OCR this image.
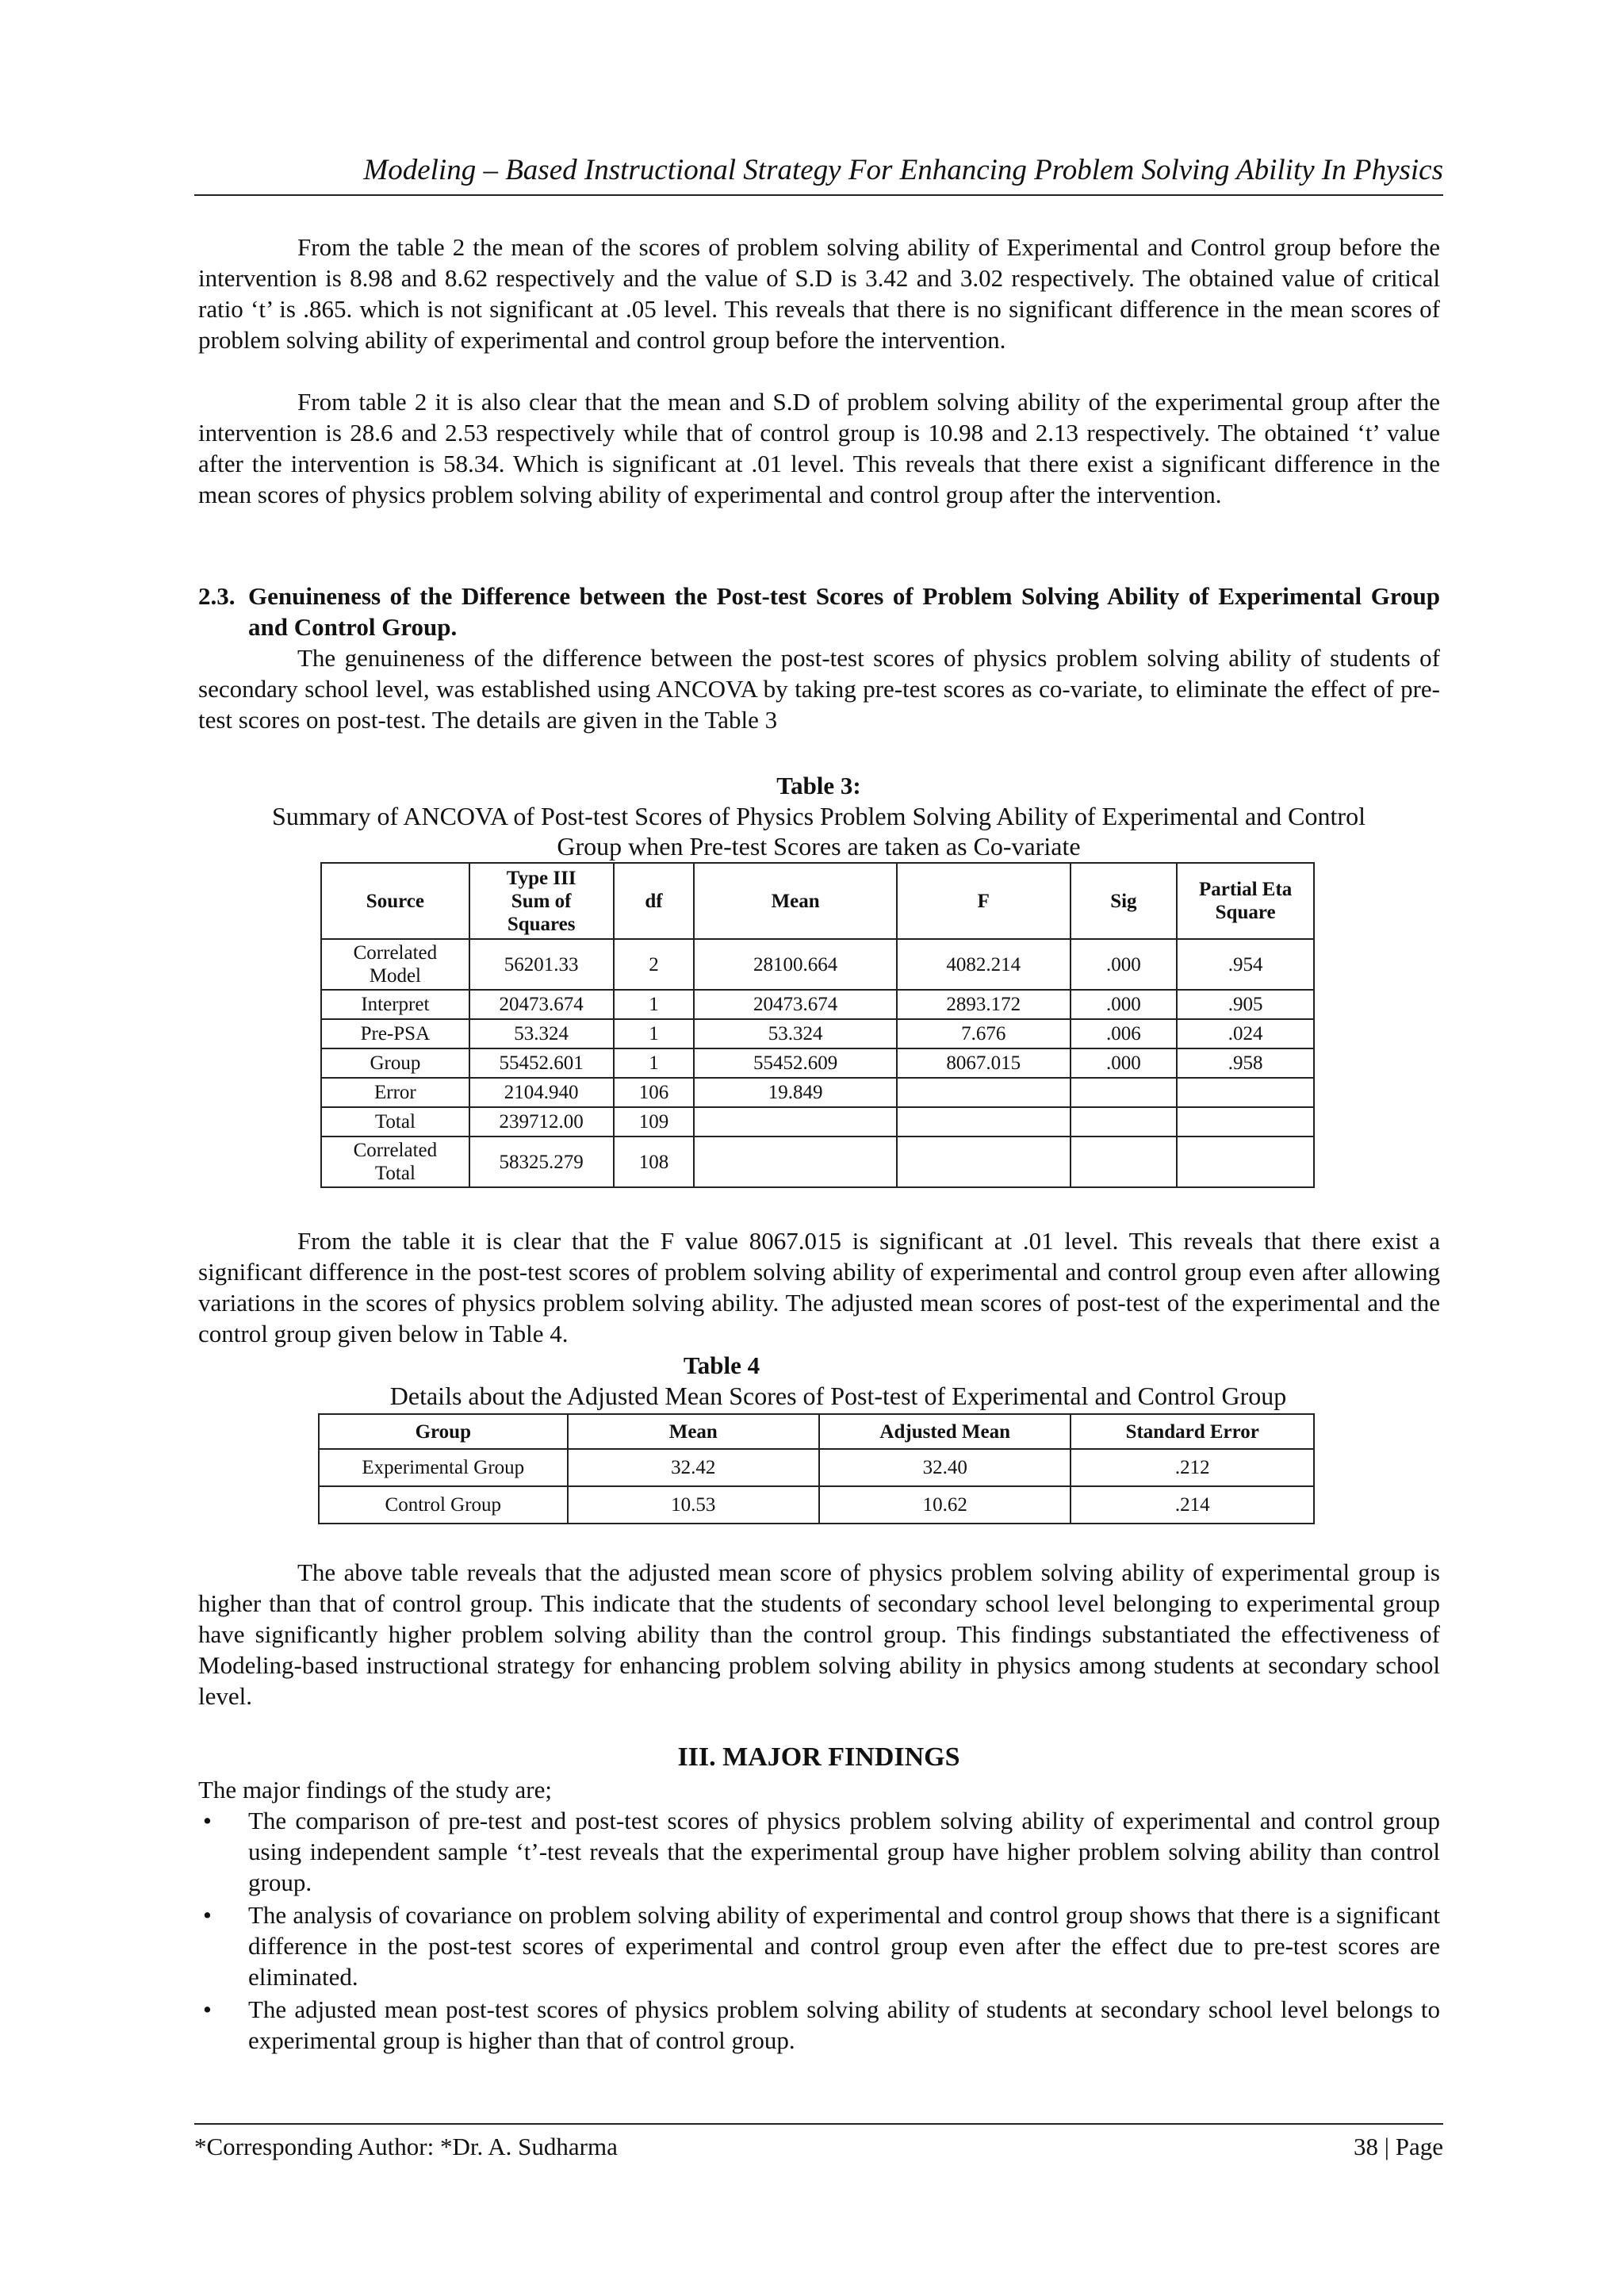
Modeling – Based Instructional Strategy For Enhancing Problem Solving Ability In Physics

From the table 2 the mean of the scores of problem solving ability of Experimental and Control group before the intervention is 8.98 and 8.62 respectively and the value of S.D is 3.42 and 3.02 respectively. The obtained value of critical ratio ‘t’ is .865. which is not significant at .05 level. This reveals that there is no significant difference in the mean scores of problem solving ability of experimental and control group before the intervention.

From table 2 it is also clear that the mean and S.D of problem solving ability of the experimental group after the intervention is 28.6 and 2.53 respectively while that of control group is 10.98 and 2.13 respectively. The obtained ‘t’ value after the intervention is 58.34. Which is significant at .01 level. This reveals that there exist a significant difference in the mean scores of physics problem solving ability of experimental and control group after the intervention.

2.3. Genuineness of the Difference between the Post-test Scores of Problem Solving Ability of Experimental Group and Control Group.

The genuineness of the difference between the post-test scores of physics problem solving ability of students of secondary school level, was established using ANCOVA by taking pre-test scores as co-variate, to eliminate the effect of pre-test scores on post-test. The details are given in the Table 3

Table 3:
Summary of ANCOVA of Post-test Scores of Physics Problem Solving Ability of Experimental and Control
Group when Pre-test Scores are taken as Co-variate
Source	Type III
Sum of
Squares	df	Mean	F	Sig	Partial Eta
Square
Correlated
Model	56201.33	2	28100.664	4082.214	.000	.954
Interpret	20473.674	1	20473.674	2893.172	.000	.905
Pre-PSA	53.324	1	53.324	7.676	.006	.024
Group	55452.601	1	55452.609	8067.015	.000	.958
Error	2104.940	106	19.849			
Total	239712.00	109				
Correlated
Total	58325.279	108				

From the table it is clear that the F value 8067.015 is significant at .01 level. This reveals that there exist a significant difference in the post-test scores of problem solving ability of experimental and control group even after allowing variations in the scores of physics problem solving ability. The adjusted mean scores of post-test of the experimental and the control group given below in Table 4.

Table 4
Details about the Adjusted Mean Scores of Post-test of Experimental and Control Group
Group	Mean	Adjusted Mean	Standard Error
Experimental Group	32.42	32.40	.212
Control Group	10.53	10.62	.214

The above table reveals that the adjusted mean score of physics problem solving ability of experimental group is higher than that of control group. This indicate that the students of secondary school level belonging to experimental group have significantly higher problem solving ability than the control group. This findings substantiated the effectiveness of Modeling-based instructional strategy for enhancing problem solving ability in physics among students at secondary school level.

III. MAJOR FINDINGS

The major findings of the study are;

• The comparison of pre-test and post-test scores of physics problem solving ability of experimental and control group using independent sample ‘t’-test reveals that the experimental group have higher problem solving ability than control group.
• The analysis of covariance on problem solving ability of experimental and control group shows that there is a significant difference in the post-test scores of experimental and control group even after the effect due to pre-test scores are eliminated.
• The adjusted mean post-test scores of physics problem solving ability of students at secondary school level belongs to experimental group is higher than that of control group.
*Corresponding Author: *Dr. A. Sudharma	38 | Page
